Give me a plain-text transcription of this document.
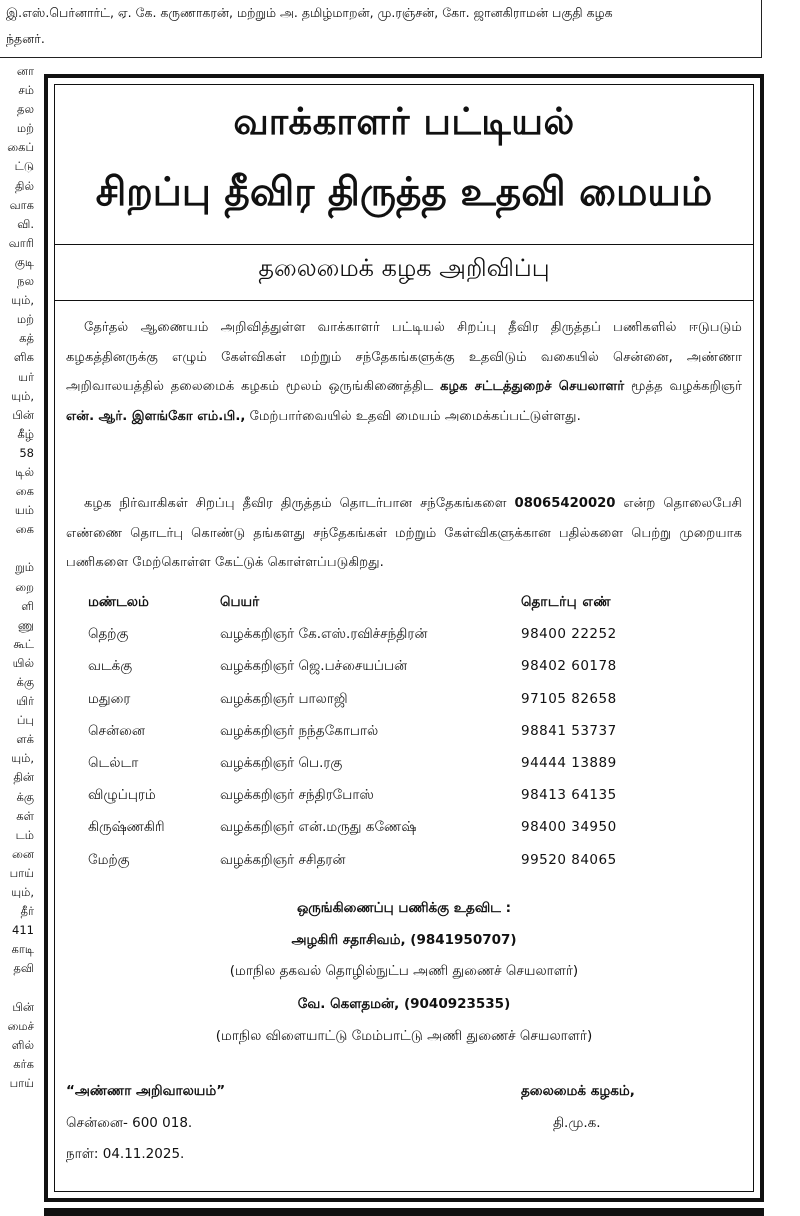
இ.எஸ்.பெர்னார்ட், ஏ. கே. கருணாகரன், மற்றும் அ. தமிழ்மாறன், மு.ரஞ்சன், கோ. ஜானகிராமன் பகுதி கழக
ந்தனர்.
னா
சம்
தல
மற்
கைப்
ட்டு
தில்
வாக
வி.
வாரி
குடி
நல
யும்,
மற்
கத்
ளிக
யர்
யும்,
பின்
கீழ்
58
டில்
கை
யம்
கை

றும்
றை
ளி
ணு
கூட்
யில்
க்கு
யிர்
ப்பு
ளக்
யும்,
தின்
க்கு
கள்
டம்
னை
பாய்
யும்,
தீர்
411
காடி
தவி

பின்
மைச்
ளில்
கர்க
பாய்
வாக்காளர் பட்டியல்
சிறப்பு தீவிர திருத்த உதவி மையம்
தலைமைக் கழக அறிவிப்பு
தேர்தல் ஆணையம் அறிவித்துள்ள வாக்காளர் பட்டியல் சிறப்பு தீவிர திருத்தப் பணிகளில் ஈடுபடும் கழகத்தினருக்கு எழும் கேள்விகள் மற்றும் சந்தேகங்களுக்கு உதவிடும் வகையில் சென்னை, அண்ணா அறிவாலயத்தில் தலைமைக் கழகம் மூலம் ஒருங்கிணைத்திட கழக சட்டத்துறைச் செயலாளர் மூத்த வழக்கறிஞர் என். ஆர். இளங்கோ எம்.பி., மேற்பார்வையில் உதவி மையம் அமைக்கப்பட்டுள்ளது.
கழக நிர்வாகிகள் சிறப்பு தீவிர திருத்தம் தொடர்பான சந்தேகங்களை 08065420020 என்ற தொலைபேசி எண்ணை தொடர்பு கொண்டு தங்களது சந்தேகங்கள் மற்றும் கேள்விகளுக்கான பதில்களை பெற்று முறையாக பணிகளை மேற்கொள்ள கேட்டுக் கொள்ளப்படுகிறது.
மண்டலம்	பெயர்	தொடர்பு எண்
தெற்கு	வழக்கறிஞர் கே.எஸ்.ரவிச்சந்திரன்	98400 22252
வடக்கு	வழக்கறிஞர் ஜெ.பச்சையப்பன்	98402 60178
மதுரை	வழக்கறிஞர் பாலாஜி	97105 82658
சென்னை	வழக்கறிஞர் நந்தகோபால்	98841 53737
டெல்டா	வழக்கறிஞர் பெ.ரகு	94444 13889
விழுப்புரம்	வழக்கறிஞர் சந்திரபோஸ்	98413 64135
கிருஷ்ணகிரி	வழக்கறிஞர் என்.மருது கணேஷ்	98400 34950
மேற்கு	வழக்கறிஞர் சசிதரன்	99520 84065
ஒருங்கிணைப்பு பணிக்கு உதவிட :
அழகிரி சதாசிவம், (9841950707)
(மாநில தகவல் தொழில்நுட்ப அணி துணைச் செயலாளர்)
வே. கௌதமன், (9040923535)
(மாநில விளையாட்டு மேம்பாட்டு அணி துணைச் செயலாளர்)
“அண்ணா அறிவாலயம்”
சென்னை- 600 018.
நாள்: 04.11.2025.
தலைமைக் கழகம்,
தி.மு.க.
